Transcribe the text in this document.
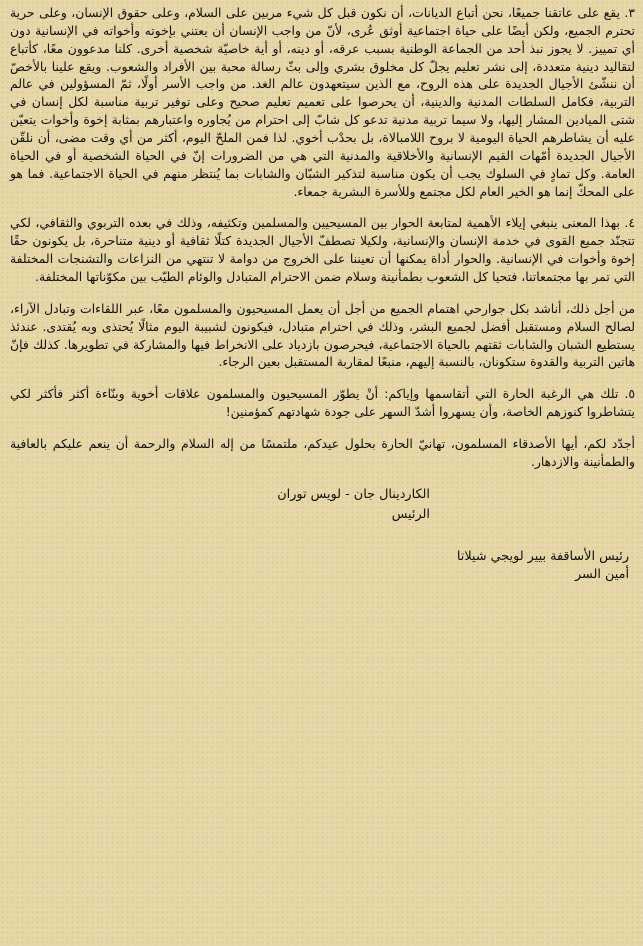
٣. يقع على عاتقنا جميعًا، نحن أتباع الديانات، أن نكون قبل كل شيء مربين على السلام، وعلى حقوق الإنسان، وعلى حرية تحترم الجميع، ولكن أيضًا على حياة اجتماعية أوثق عُرى، لأنّ من واجب الإنسان أن يعتني بإخوته وأخواته في الإنسانية دون أي تمييز. لا يجوز نبذ أحد من الجماعة الوطنية بسبب عرقه، أو دينه، أو أية خاصيّة شخصية أخرى. كلنا مدعوون معًا، كأتباع لتقاليد دينية متعددة، إلى نشر تعليم يجلّ كل مخلوق بشري وإلى بثّ رسالة محبة بين الأفراد والشعوب. ويقع علينا بالأخصّ أن ننشّئ الأجيال الجديدة على هذه الروح، مع الذين سيتعهدون عالم الغد. من واجب الأسر أولًا، ثمّ المسؤولين في عالم التربية، فكامل السلطات المدنية والدينية، أن يحرصوا على تعميم تعليم صحيح وعلى توفير تربية مناسبة لكل إنسان في شتى الميادين المشار إليها، ولا سيما تربية مدنية تدعو كل شابّ إلى احترام من يُجاوره واعتبارهم بمثابة إخوة وأخوات يتعيّن عليه أن يشاطرهم الحياة اليومية لا بروح اللامبالاة، بل بحدْب أخوي. لذا فمن الملحّ اليوم، أكثر من أي وقت مضى، أن نلقّن الأجيال الجديدة أمّهات القيم الإنسانية والأخلاقية والمدنية التي هي من الضرورات إنّ في الحياة الشخصية أو في الحياة العامة. وكل تمادٍ في السلوك يجب أن يكون مناسبة لتذكير الشبّان والشابات بما يُنتظر منهم في الحياة الاجتماعية. فما هو على المحكّ إنما هو الخير العام لكل مجتمع وللأسرة البشرية جمعاء.

٤. بهذا المعنى ينبغي إيلاء الأهمية لمتابعة الحوار بين المسيحيين والمسلمين وتكثيفه، وذلك في بعده التربوي والثقافي، لكي تتجنّد جميع القوى في خدمة الإنسان والإنسانية، ولكيلا تصطفّ الأجيال الجديدة كتلًا ثقافية أو دينية متناحرة، بل يكونون حقًا إخوة وأخوات في الإنسانية. والحوار أداة يمكنها أن تعيننا على الخروج من دوامة لا تنتهي من النزاعات والتشنجات المختلفة التي تمر بها مجتمعاتنا، فتحيا كل الشعوب بطمأنينة وسلام ضمن الاحترام المتبادل والوئام الطيّب بين مكوّناتها المختلفة.

من أجل ذلك، أناشد بكل جوارحي اهتمام الجميع من أجل أن يعمل المسيحيون والمسلمون معًا، عبر اللقاءات وتبادل الآراء، لصالح السلام ومستقبل أفضل لجميع البشر، وذلك في احترام متبادل، فيكونون لشبيبة اليوم مثالًا يُحتذى وبه يُقتدى. عندئذ يستطيع الشبان والشابات ثقتهم بالحياة الاجتماعية، فيحرصون بازدياد على الانخراط فيها والمشاركة في تطويرها. كذلك فإنّ هاتين التربية والقدوة ستكونان، بالنسبة إليهم، منبعًا لمقاربة المستقبل بعين الرجاء.

٥. تلك هي الرغبة الحارة التي أتقاسمها وإياكم: أنْ يطوّر المسيحيون والمسلمون علاقات أخوية وبنّاءة أكثر فأكثر لكي يتشاطروا كنوزهم الخاصة، وأن يسهروا أشدّ السهر على جودة شهادتهم كمؤمنين!

أجدّد لكم، أيها الأصدقاء المسلمون، تهانيّ الحارة بحلول عيدكم، ملتمسًا من إله السلام والرحمة أن ينعم عليكم بالعافية والطمأنينة والازدهار.

الكاردينال جان - لويس توران
الرئيس
رئيس الأساقفة بيير لويجي شيلاتا
أمين السر
